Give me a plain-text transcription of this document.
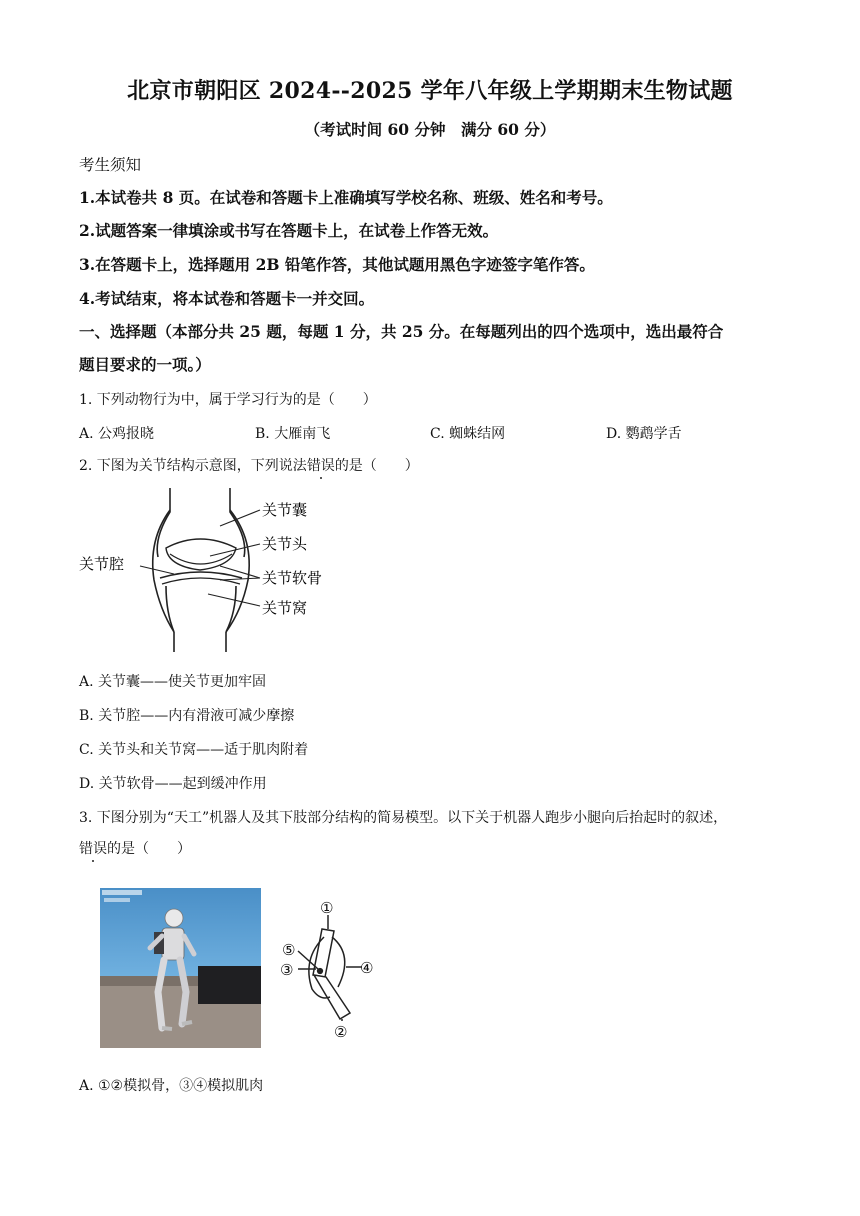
北京市朝阳区 2024--2025 学年八年级上学期期末生物试题
（考试时间 60 分钟　满分 60 分）
考生须知
1.本试卷共 8 页。在试卷和答题卡上准确填写学校名称、班级、姓名和考号。
2.试题答案一律填涂或书写在答题卡上，在试卷上作答无效。
3.在答题卡上，选择题用 2B 铅笔作答，其他试题用黑色字迹签字笔作答。
4.考试结束，将本试卷和答题卡一并交回。
一、选择题（本部分共 25 题，每题 1 分，共 25 分。在每题列出的四个选项中，选出最符合
题目要求的一项。）
1. 下列动物行为中，属于学习行为的是（　　）
A. 公鸡报晓	B. 大雁南飞	C. 蜘蛛结网	D. 鹦鹉学舌
2. 下图为关节结构示意图，下列说法错误的是（　　）
关节囊
关节头
关节软骨
关节窝
关节腔
A. 关节囊——使关节更加牢固
B. 关节腔——内有滑液可减少摩擦
C. 关节头和关节窝——适于肌肉附着
D. 关节软骨——起到缓冲作用
3. 下图分别为“天工”机器人及其下肢部分结构的简易模型。以下关于机器人跑步小腿向后抬起时的叙述，
错误的是（　　）
①
②
③	④
⑤
A. ①②模拟骨，③④模拟肌肉
